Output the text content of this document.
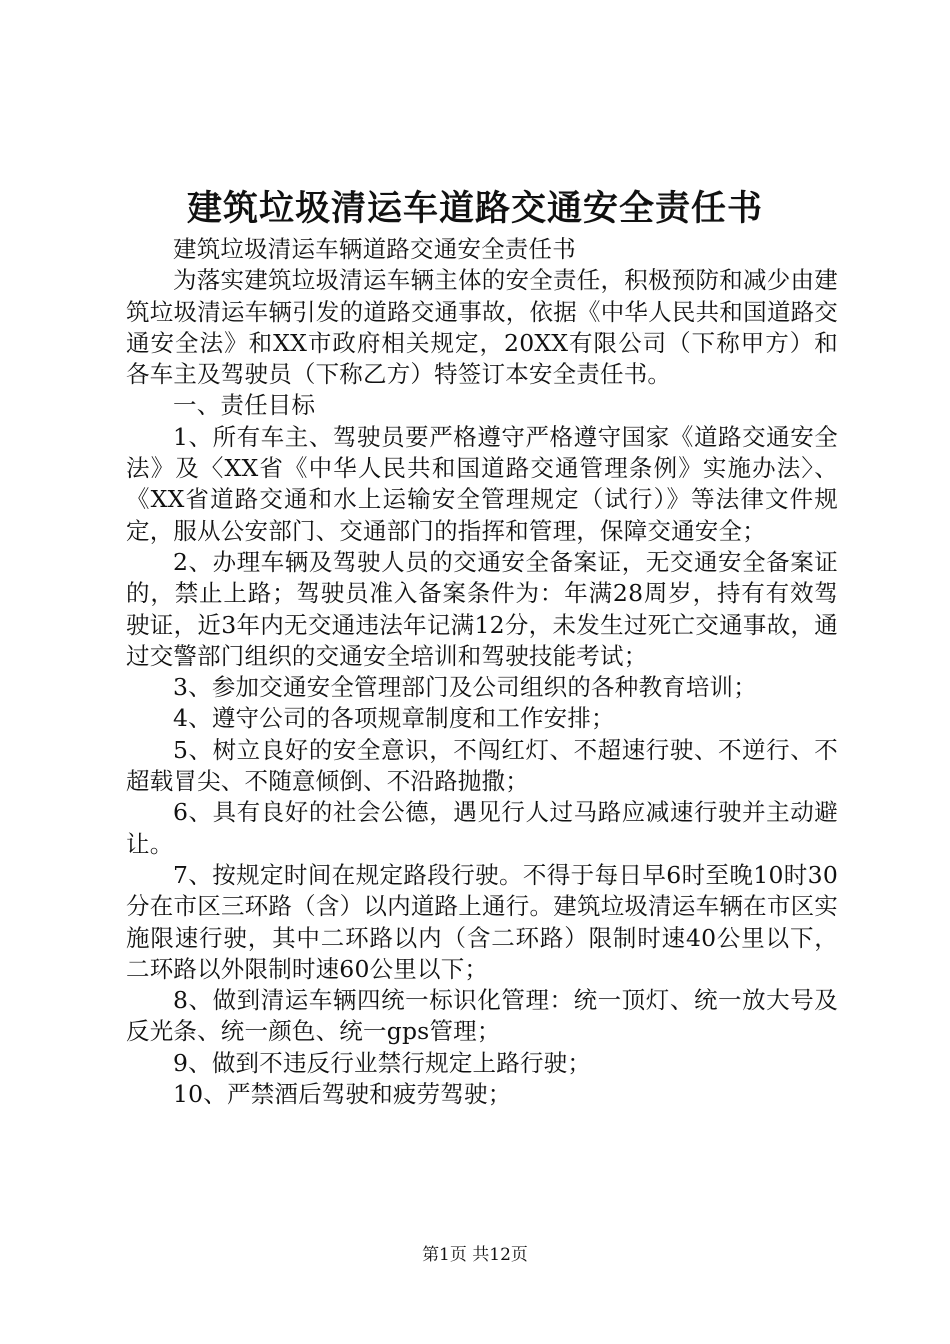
建筑垃圾清运车道路交通安全责任书

建筑垃圾清运车辆道路交通安全责任书

为落实建筑垃圾清运车辆主体的安全责任，积极预防和减少由建筑垃圾清运车辆引发的道路交通事故，依据《中华人民共和国道路交通安全法》和XX市政府相关规定，20XX有限公司（下称甲方）和各车主及驾驶员（下称乙方）特签订本安全责任书。

一、责任目标

1、所有车主、驾驶员要严格遵守严格遵守国家《道路交通安全法》及〈XX省《中华人民共和国道路交通管理条例》实施办法〉、《XX省道路交通和水上运输安全管理规定（试行）》等法律文件规定，服从公安部门、交通部门的指挥和管理，保障交通安全；

2、办理车辆及驾驶人员的交通安全备案证，无交通安全备案证的，禁止上路；驾驶员准入备案条件为：年满28周岁，持有有效驾驶证，近3年内无交通违法年记满12分，未发生过死亡交通事故，通过交警部门组织的交通安全培训和驾驶技能考试；

3、参加交通安全管理部门及公司组织的各种教育培训；

4、遵守公司的各项规章制度和工作安排；

5、树立良好的安全意识，不闯红灯、不超速行驶、不逆行、不超载冒尖、不随意倾倒、不沿路抛撒；

6、具有良好的社会公德，遇见行人过马路应减速行驶并主动避让。

7、按规定时间在规定路段行驶。不得于每日早6时至晚10时30分在市区三环路（含）以内道路上通行。建筑垃圾清运车辆在市区实施限速行驶，其中二环路以内（含二环路）限制时速40公里以下，二环路以外限制时速60公里以下；

8、做到清运车辆四统一标识化管理：统一顶灯、统一放大号及反光条、统一颜色、统一gps管理；

9、做到不违反行业禁行规定上路行驶；

10、严禁酒后驾驶和疲劳驾驶；

第1页 共12页
